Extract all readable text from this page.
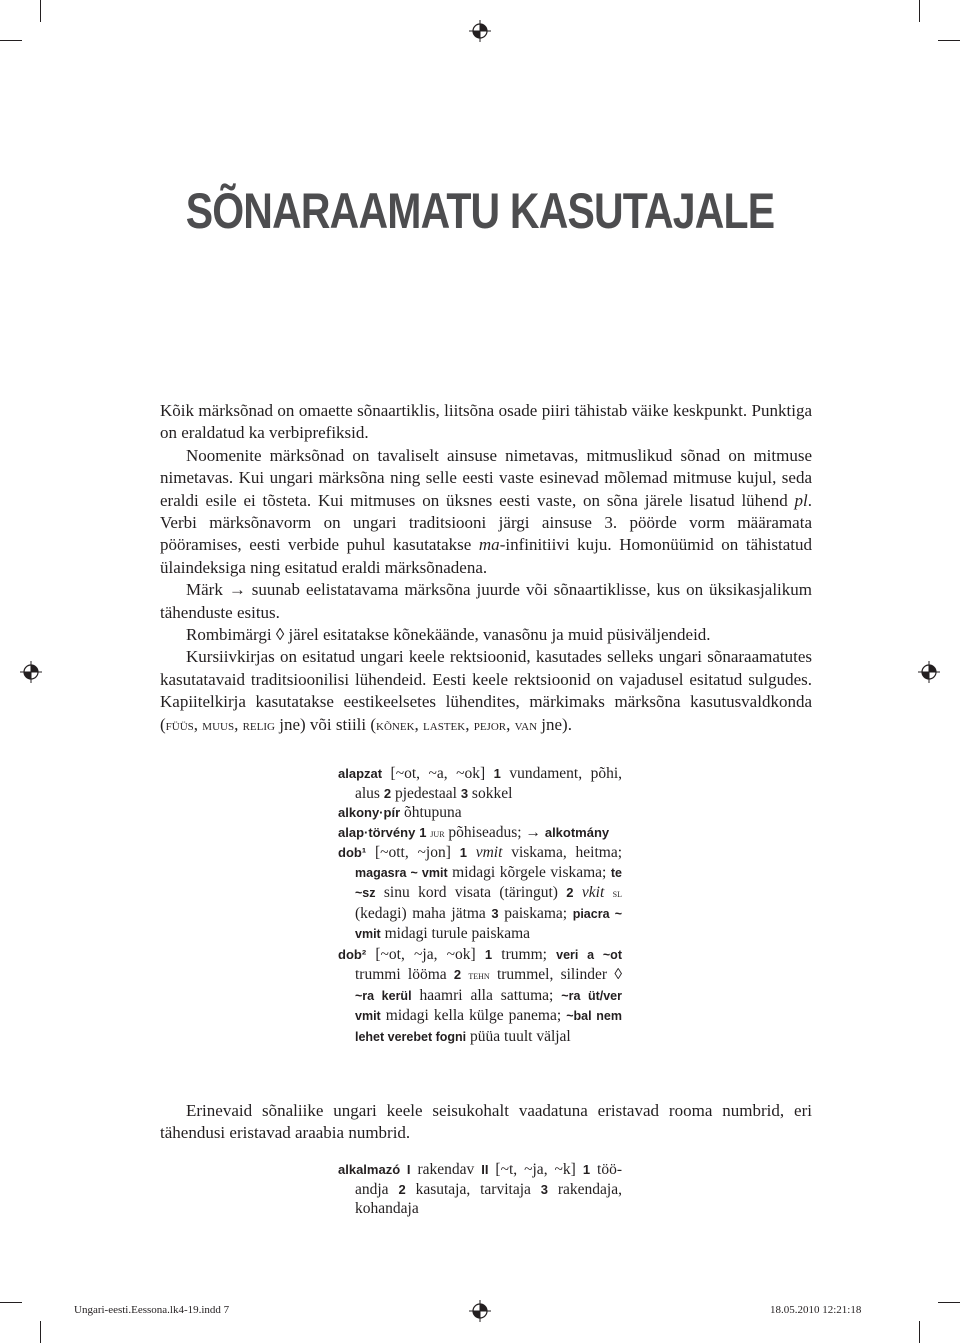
SÕNARAAMATU KASUTAJALE

Kõik märksõnad on omaette sõnaartiklis, liitsõna osade piiri tähistab väike keskpunkt. Punktiga on eraldatud ka verbiprefiksid.

Noomenite märksõnad on tavaliselt ainsuse nimetavas, mitmuslikud sõnad on mitmuse nimetavas. Kui ungari märksõna ning selle eesti vaste esinevad mõlemad mitmuse kujul, seda eraldi esile ei tõsteta. Kui mitmuses on üksnes eesti vaste, on sõna järele lisatud lühend pl. Verbi märksõnavorm on ungari traditsiooni järgi ainsuse 3. pöörde vorm määramata pööramises, eesti verbide puhul kasutatakse ma-infinitiivi kuju. Homonüümid on tähistatud ülaindeksiga ning esitatud eraldi märksõnadena.

Märk → suunab eelistatavama märksõna juurde või sõnaartiklisse, kus on üksikasjalikum tähenduste esitus.

Rombimärgi ◊ järel esitatakse kõnekäände, vanasõnu ja muid püsiväljendeid.

Kursiivkirjas on esitatud ungari keele rektsioonid, kasutades selleks ungari sõnaraamatutes kasutatavaid traditsioonilisi lühendeid. Eesti keele rektsioonid on vajadusel esitatud sulgudes. Kapiitelkirja kasutatakse eestikeelsetes lühendites, märkimaks märksõna kasutusvaldkonda (füüs, muus, relig jne) või stiili (kõnek, lastek, pejor, van jne).

alapzat [~ot, ~a, ~ok] 1 vundament, põhi, alus 2 pjedestaal 3 sokkel

alkony·pír õhtupuna

alap·törvény 1 jur põhiseadus; → alkotmány

dob¹ [~ott, ~jon] 1 vmit viskama, heitma; magasra ~ vmit midagi kõrgele viskama; te ~sz sinu kord visata (täringut) 2 vkit sl (kedagi) maha jätma 3 paiskama; piacra ~ vmit midagi turule paiskama

dob² [~ot, ~ja, ~ok] 1 trumm; veri a ~ot trummi lööma 2 tehn trummel, silinder ◊ ~ra kerül haamri alla sattuma; ~ra üt/ver vmit midagi kella külge panema; ~bal nem lehet verebet fogni püüa tuult väljal

Erinevaid sõnaliike ungari keele seisukohalt vaadatuna eristavad rooma numbrid, eri tähendusi eristavad araabia numbrid.

alkalmazó I rakendav II [~t, ~ja, ~k] 1 tööandja 2 kasutaja, tarvitaja 3 rakendaja, kohandaja

Ungari-eesti.Eessona.lk4-19.indd 7	18.05.2010 12:21:18
